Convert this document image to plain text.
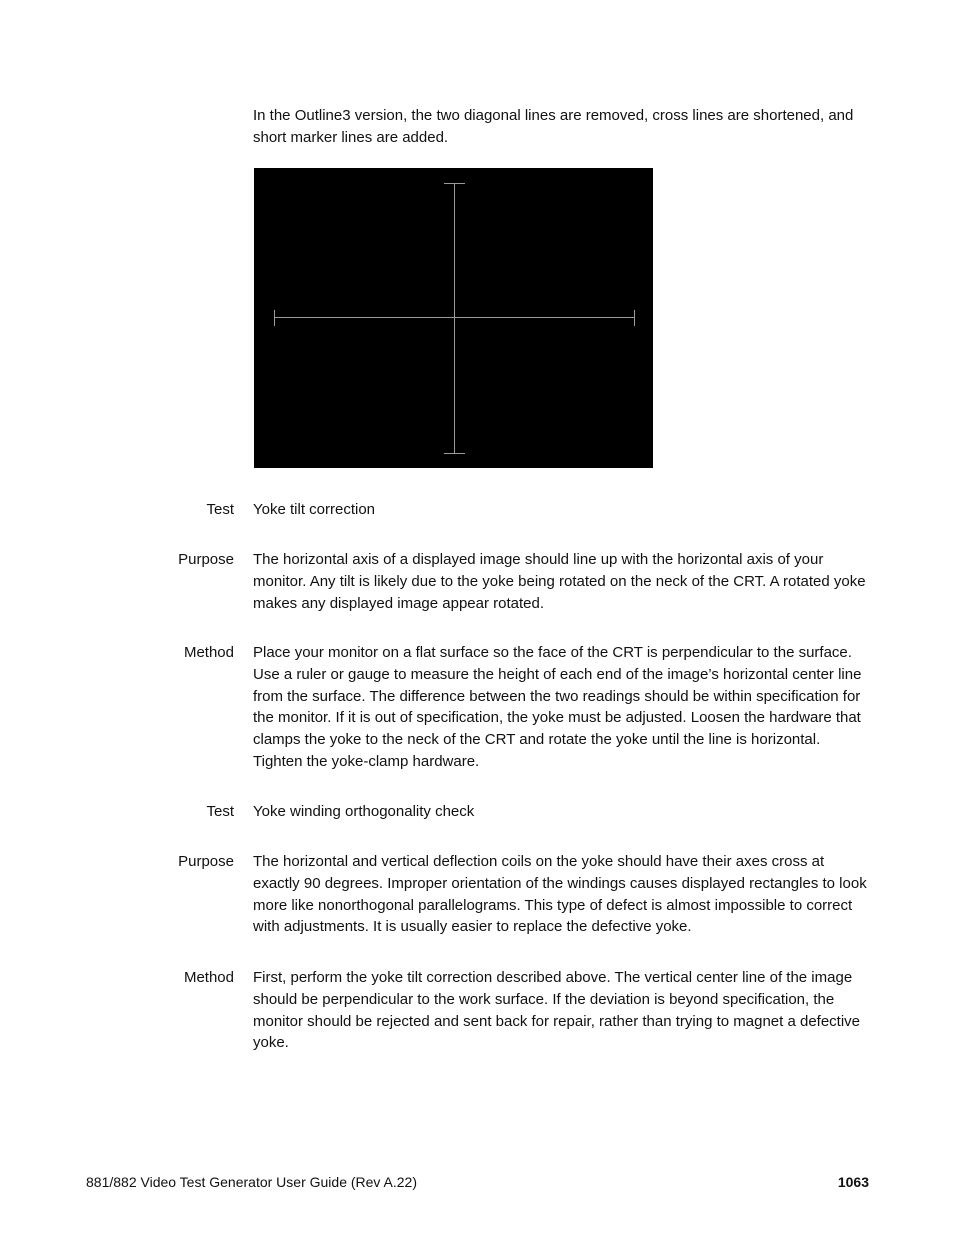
In the Outline3 version, the two diagonal lines are removed, cross lines are shortened, and short marker lines are added.
Test Yoke tilt correction
Purpose The horizontal axis of a displayed image should line up with the horizontal axis of your monitor. Any tilt is likely due to the yoke being rotated on the neck of the CRT. A rotated yoke makes any displayed image appear rotated.
Method Place your monitor on a flat surface so the face of the CRT is perpendicular to the surface. Use a ruler or gauge to measure the height of each end of the image’s horizontal center line from the surface. The difference between the two readings should be within specification for the monitor. If it is out of specification, the yoke must be adjusted. Loosen the hardware that clamps the yoke to the neck of the CRT and rotate the yoke until the line is horizontal. Tighten the yoke-clamp hardware.
Test Yoke winding orthogonality check
Purpose The horizontal and vertical deflection coils on the yoke should have their axes cross at exactly 90 degrees. Improper orientation of the windings causes displayed rectangles to look more like nonorthogonal parallelograms. This type of defect is almost impossible to correct with adjustments. It is usually easier to replace the defective yoke.
Method First, perform the yoke tilt correction described above. The vertical center line of the image should be perpendicular to the work surface. If the deviation is beyond specification, the monitor should be rejected and sent back for repair, rather than trying to magnet a defective yoke.
881/882 Video Test Generator User Guide (Rev A.22)	1063
